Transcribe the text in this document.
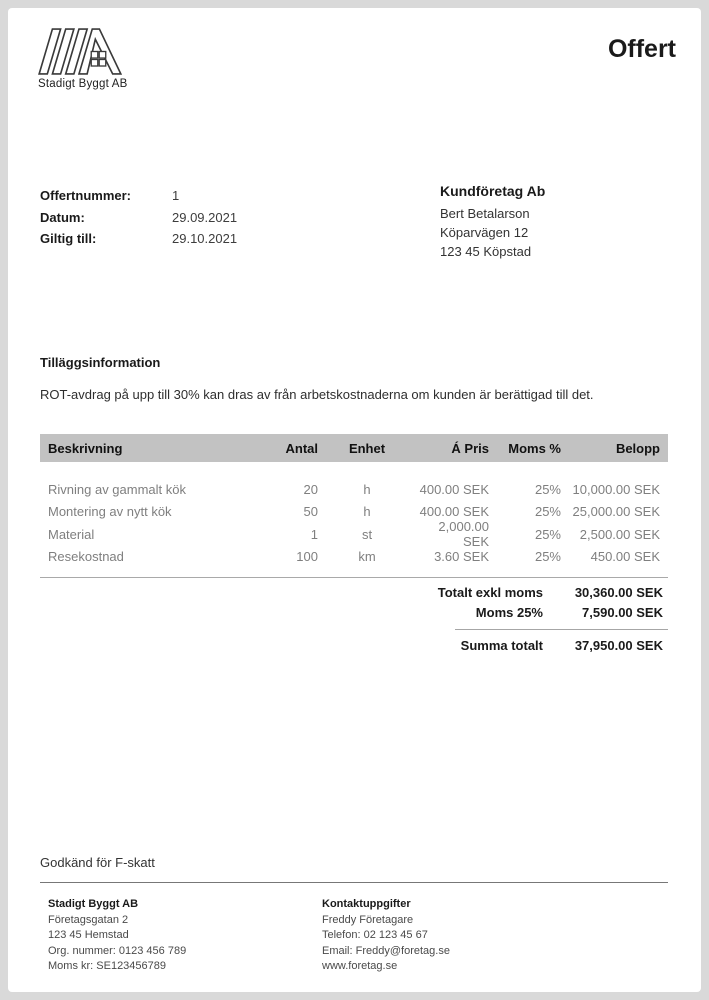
Stadigt Byggt AB
Offert
Offertnummer:	1
Datum:	29.09.2021
Giltig till:	29.10.2021
Kundföretag Ab
Bert Betalarson
Köparvägen 12
123 45 Köpstad
Tilläggsinformation
ROT-avdrag på upp till 30% kan dras av från arbetskostnaderna om kunden är berättigad till det.
Beskrivning	Antal	Enhet	Á Pris	Moms %	Belopp
Rivning av gammalt kök	20	h	400.00 SEK	25% 10,000.00 SEK
Montering av nytt kök	50	h	400.00 SEK	25% 25,000.00 SEK
Material	1	st	2,000.00 SEK	25%	2,500.00 SEK
Resekostnad	100	km	3.60 SEK	25%	450.00 SEK
Totalt exkl moms	30,360.00 SEK
Moms 25%	7,590.00 SEK
Summa totalt	37,950.00 SEK
Godkänd för F-skatt
Stadigt Byggt AB
Företagsgatan 2
123 45 Hemstad
Org. nummer: 0123 456 789
Moms kr: SE123456789
Kontaktuppgifter
Freddy Företagare
Telefon: 02 123 45 67
Email: Freddy@foretag.se
www.foretag.se
